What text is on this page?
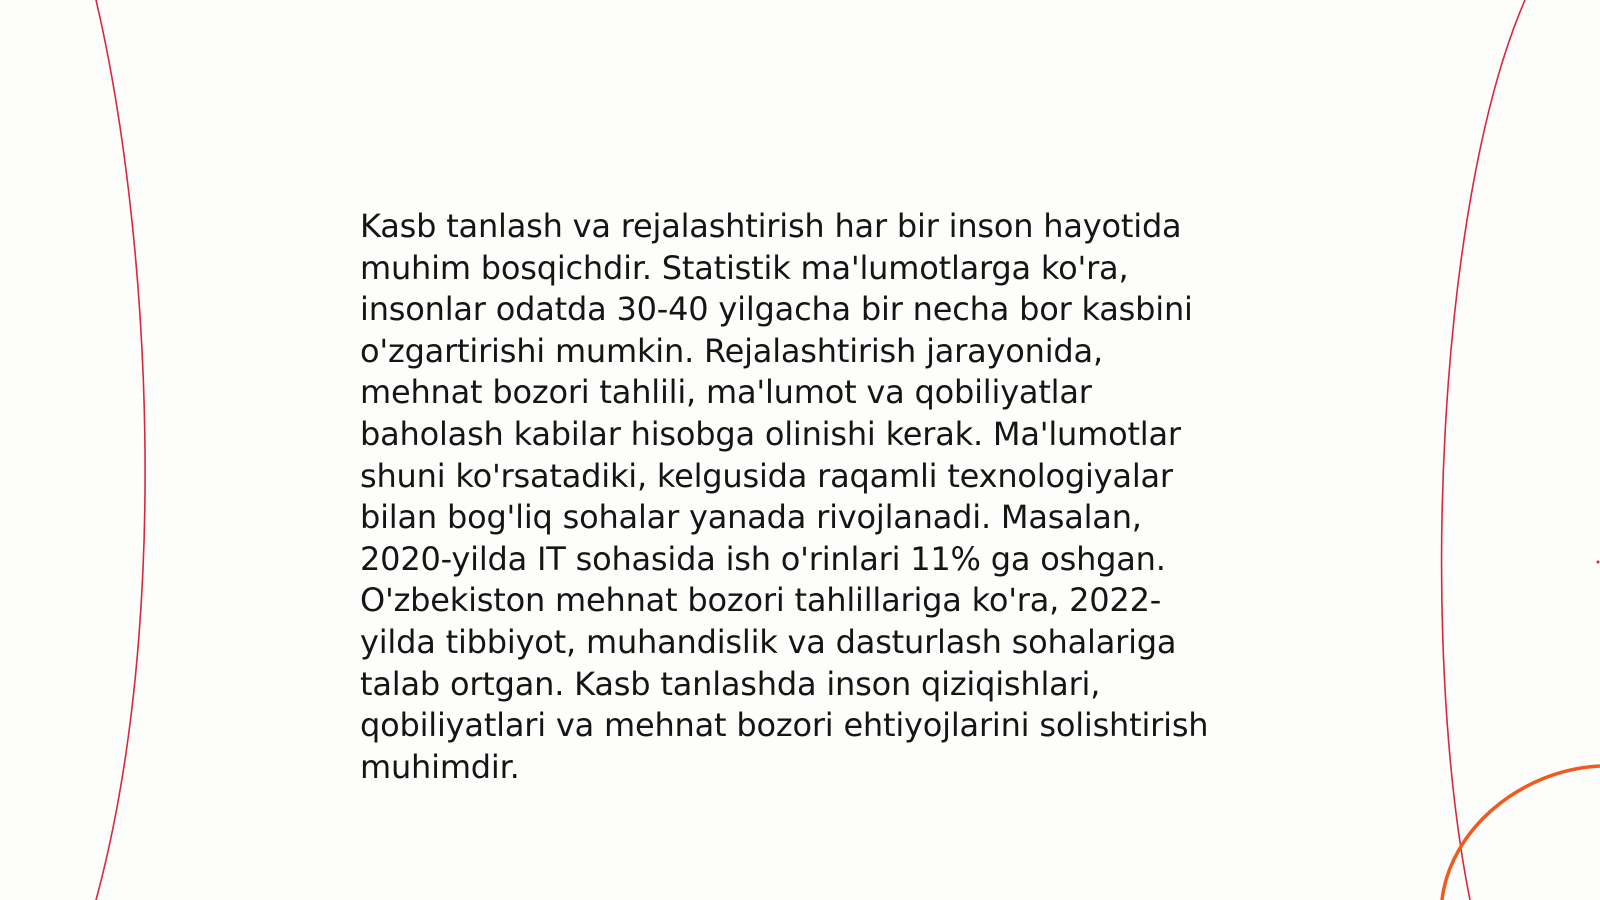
Kasb tanlash va rejalashtirish har bir inson hayotida
muhim bosqichdir. Statistik ma'lumotlarga ko'ra,
insonlar odatda 30-40 yilgacha bir necha bor kasbini
o'zgartirishi mumkin. Rejalashtirish jarayonida,
mehnat bozori tahlili, ma'lumot va qobiliyatlar
baholash kabilar hisobga olinishi kerak. Ma'lumotlar
shuni ko'rsatadiki, kelgusida raqamli texnologiyalar
bilan bog'liq sohalar yanada rivojlanadi. Masalan,
2020-yilda IT sohasida ish o'rinlari 11% ga oshgan.
O'zbekiston mehnat bozori tahlillariga ko'ra, 2022-
yilda tibbiyot, muhandislik va dasturlash sohalariga
talab ortgan. Kasb tanlashda inson qiziqishlari,
qobiliyatlari va mehnat bozori ehtiyojlarini solishtirish
muhimdir.
